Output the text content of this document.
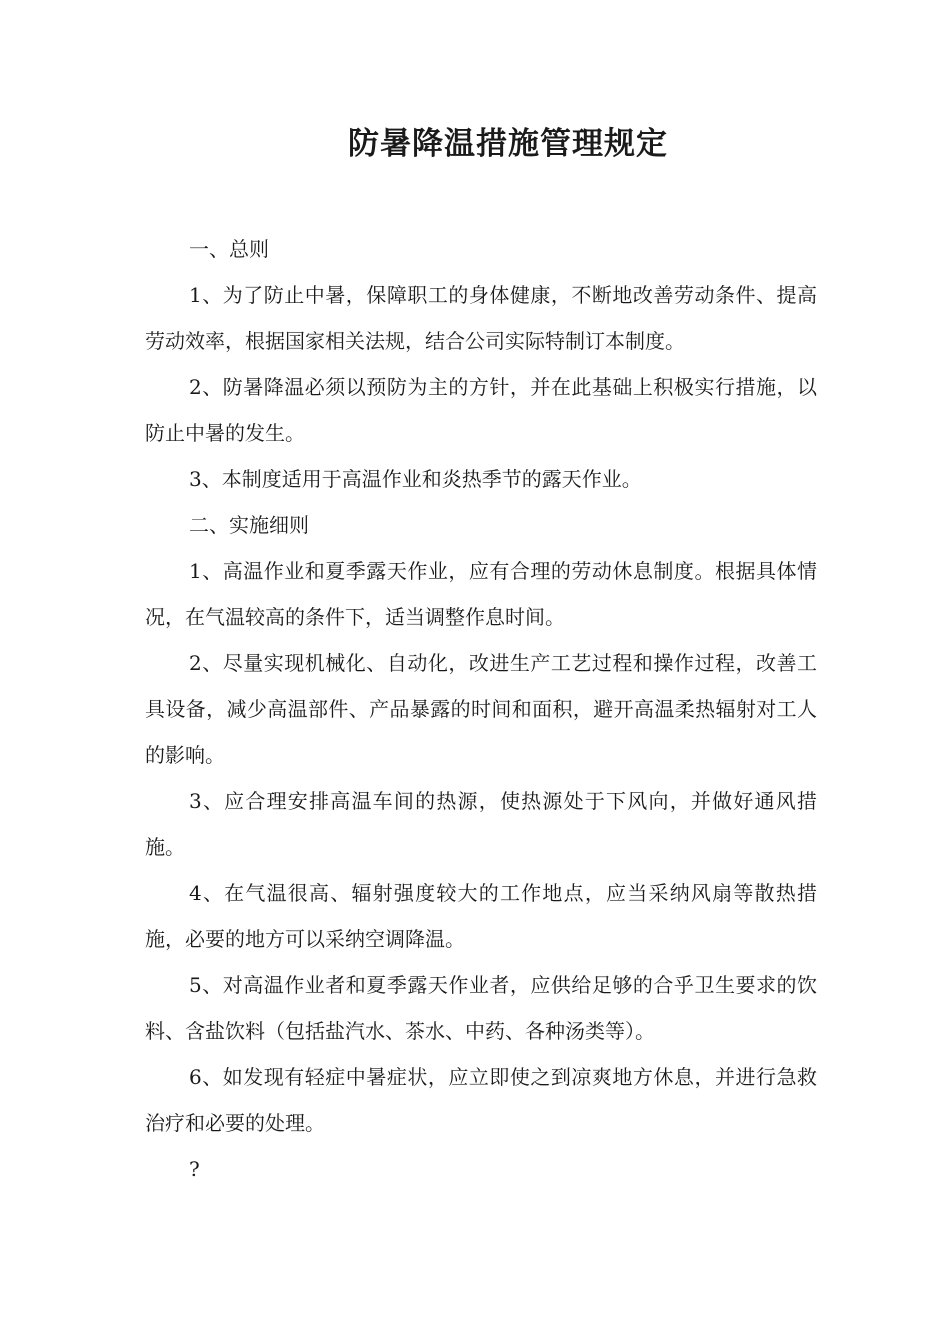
防暑降温措施管理规定

一、总则

1、为了防止中暑，保障职工的身体健康，不断地改善劳动条件、提高劳动效率，根据国家相关法规，结合公司实际特制订本制度。

2、防暑降温必须以预防为主的方针，并在此基础上积极实行措施，以防止中暑的发生。

3、本制度适用于高温作业和炎热季节的露天作业。

二、实施细则

1、高温作业和夏季露天作业，应有合理的劳动休息制度。根据具体情况，在气温较高的条件下，适当调整作息时间。

2、尽量实现机械化、自动化，改进生产工艺过程和操作过程，改善工具设备，减少高温部件、产品暴露的时间和面积，避开高温柔热辐射对工人的影响。

3、应合理安排高温车间的热源，使热源处于下风向，并做好通风措施。

4、在气温很高、辐射强度较大的工作地点，应当采纳风扇等散热措施，必要的地方可以采纳空调降温。

5、对高温作业者和夏季露天作业者，应供给足够的合乎卫生要求的饮料、含盐饮料（包括盐汽水、茶水、中药、各种汤类等）。

6、如发现有轻症中暑症状，应立即使之到凉爽地方休息，并进行急救治疗和必要的处理。

?
